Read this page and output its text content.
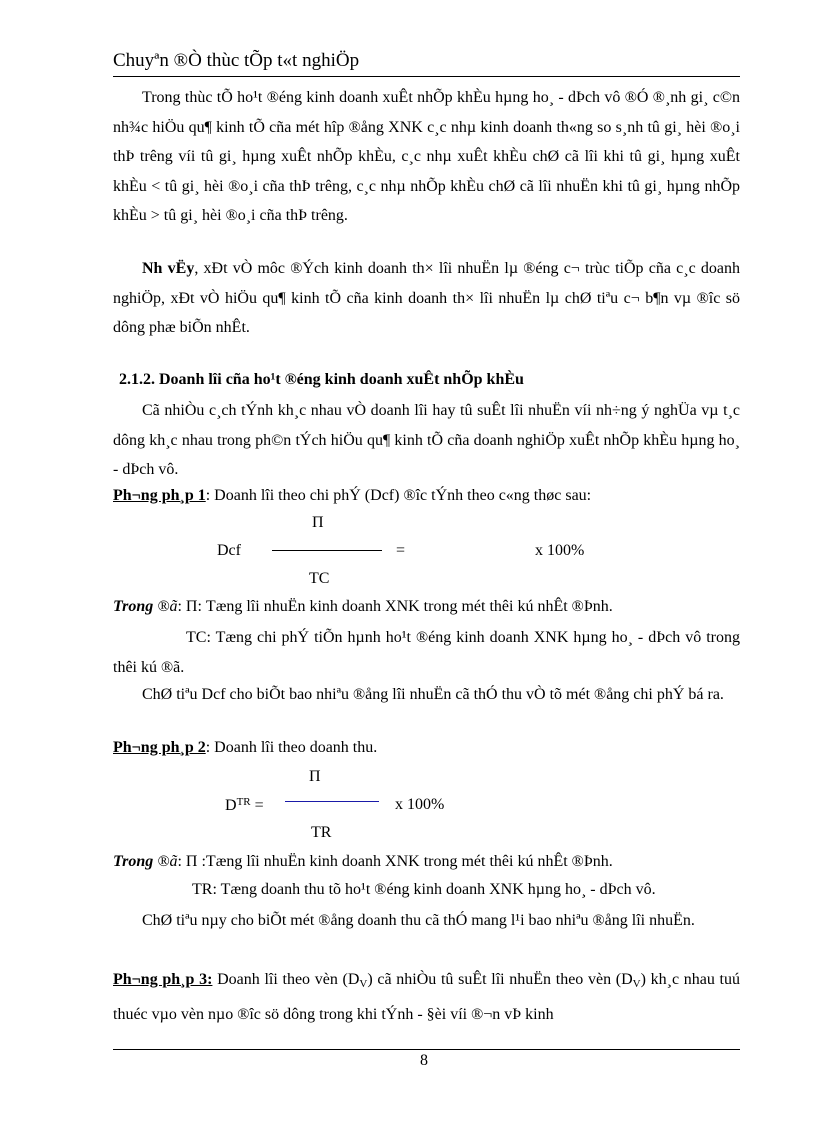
Chuyªn ®Ò thùc tÕp t«t nghiÖp

Trong thùc tÕ ho¹t ®éng kinh doanh xuÊt nhÕp khÈu hµng ho¸ - dÞch vô ®Ó ®¸nh gi¸ c©n nh¾c hiÖu qu¶ kinh tÕ cña mét hîp ®ång XNK c¸c nhµ kinh doanh th«ng so s¸nh tû gi¸ hèi ®o¸i thÞ trêng víi tû gi¸ hµng xuÊt nhÕp khÈu, c¸c nhµ xuÊt khÈu chØ cã lîi khi tû gi¸ hµng xuÊt khÈu < tû gi¸ hèi ®o¸i cña thÞ trêng, c¸c nhµ nhÕp khÈu chØ cã lîi nhuËn khi tû gi¸ hµng nhÕp khÈu > tû gi¸ hèi ®o¸i cña thÞ trêng.

Nh vËy, xÐt vÒ môc ®Ých kinh doanh th× lîi nhuËn lµ ®éng c¬ trùc tiÕp cña c¸c doanh nghiÖp, xÐt vÒ hiÖu qu¶ kinh tÕ cña kinh doanh th× lîi nhuËn lµ chØ tiªu c¬ b¶n vµ ®îc sö dông phæ biÕn nhÊt.

2.1.2. Doanh lîi cña ho¹t ®éng kinh doanh xuÊt nhÕp khÈu

Cã nhiÒu c¸ch tÝnh kh¸c nhau vÒ doanh lîi hay tû suÊt lîi nhuËn víi nh÷ng ý nghÜa vµ t¸c dông kh¸c nhau trong ph©n tÝch hiÖu qu¶ kinh tÕ cña doanh nghiÖp xuÊt nhÕp khÈu hµng ho¸ - dÞch vô.

Ph¬ng ph¸p 1: Doanh lîi theo chi phÝ (Dcf) ®îc tÝnh theo c«ng thøc sau:
Π
Dcf	=	x 100%
TC
Trong ®ã: Π: Tæng lîi nhuËn kinh doanh XNK trong mét thêi kú nhÊt ®Þnh.

TC: Tæng chi phÝ tiÕn hµnh ho¹t ®éng kinh doanh XNK hµng ho¸ - dÞch vô trong thêi kú ®ã.

ChØ tiªu Dcf cho biÕt bao nhiªu ®ång lîi nhuËn cã thÓ thu vÒ tõ mét ®ång chi phÝ bá ra.

Ph¬ng ph¸p 2: Doanh lîi theo doanh thu.
Π
$D^{TR}$ =	x 100%
TR
Trong ®ã: Π :Tæng lîi nhuËn kinh doanh XNK trong mét thêi kú nhÊt ®Þnh.
TR: Tæng doanh thu tõ ho¹t ®éng kinh doanh XNK hµng ho¸ - dÞch vô.

ChØ tiªu nµy cho biÕt mét ®ång doanh thu cã thÓ mang l¹i bao nhiªu ®ång lîi nhuËn.

Ph¬ng ph¸p 3: Doanh lîi theo vèn $(D_V)$ cã nhiÒu tû suÊt lîi nhuËn theo vèn $(D_V)$ kh¸c nhau tuú thuéc vµo vèn nµo ®îc sö dông trong khi tÝnh - §èi víi ®¬n vÞ kinh

8
